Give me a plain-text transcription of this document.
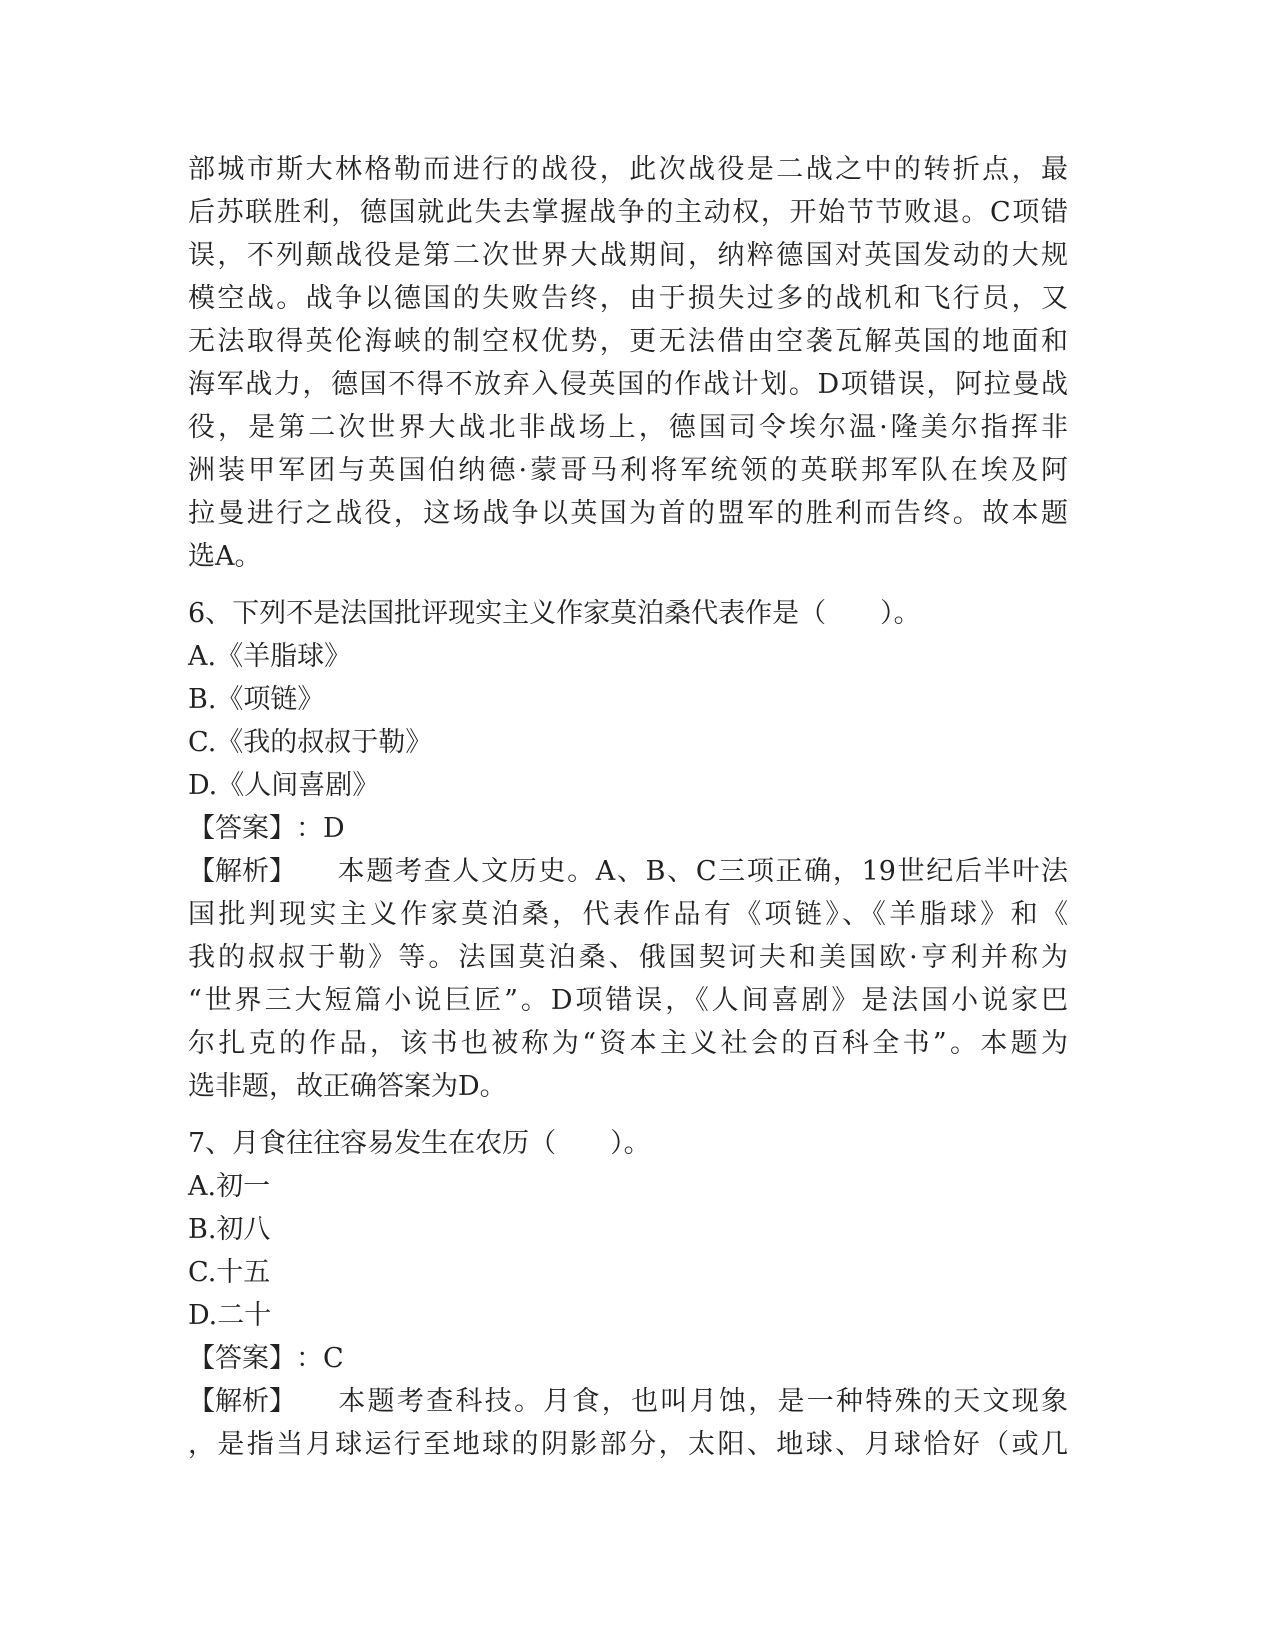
部城市斯大林格勒而进行的战役，此次战役是二战之中的转折点，最
后苏联胜利，德国就此失去掌握战争的主动权，开始节节败退。C项错
误，不列颠战役是第二次世界大战期间，纳粹德国对英国发动的大规
模空战。战争以德国的失败告终，由于损失过多的战机和飞行员，又
无法取得英伦海峡的制空权优势，更无法借由空袭瓦解英国的地面和
海军战力，德国不得不放弃入侵英国的作战计划。D项错误，阿拉曼战
役，是第二次世界大战北非战场上，德国司令埃尔温·隆美尔指挥非
洲装甲军团与英国伯纳德·蒙哥马利将军统领的英联邦军队在埃及阿
拉曼进行之战役，这场战争以英国为首的盟军的胜利而告终。故本题
选A。
6、下列不是法国批评现实主义作家莫泊桑代表作是（　　）。
A.《羊脂球》
B.《项链》
C.《我的叔叔于勒》
D.《人间喜剧》
【答案】：D
【解析】 本题考查人文历史。A、B、C三项正确，19世纪后半叶法
国批判现实主义作家莫泊桑，代表作品有《项链》、《羊脂球》和《
我的叔叔于勒》等。法国莫泊桑、俄国契诃夫和美国欧·亨利并称为
“世界三大短篇小说巨匠”。D项错误，《人间喜剧》是法国小说家巴
尔扎克的作品，该书也被称为“资本主义社会的百科全书”。本题为
选非题，故正确答案为D。
7、月食往往容易发生在农历（　　）。
A.初一
B.初八
C.十五
D.二十
【答案】：C
【解析】 本题考查科技。月食，也叫月蚀，是一种特殊的天文现象
，是指当月球运行至地球的阴影部分，太阳、地球、月球恰好（或几
